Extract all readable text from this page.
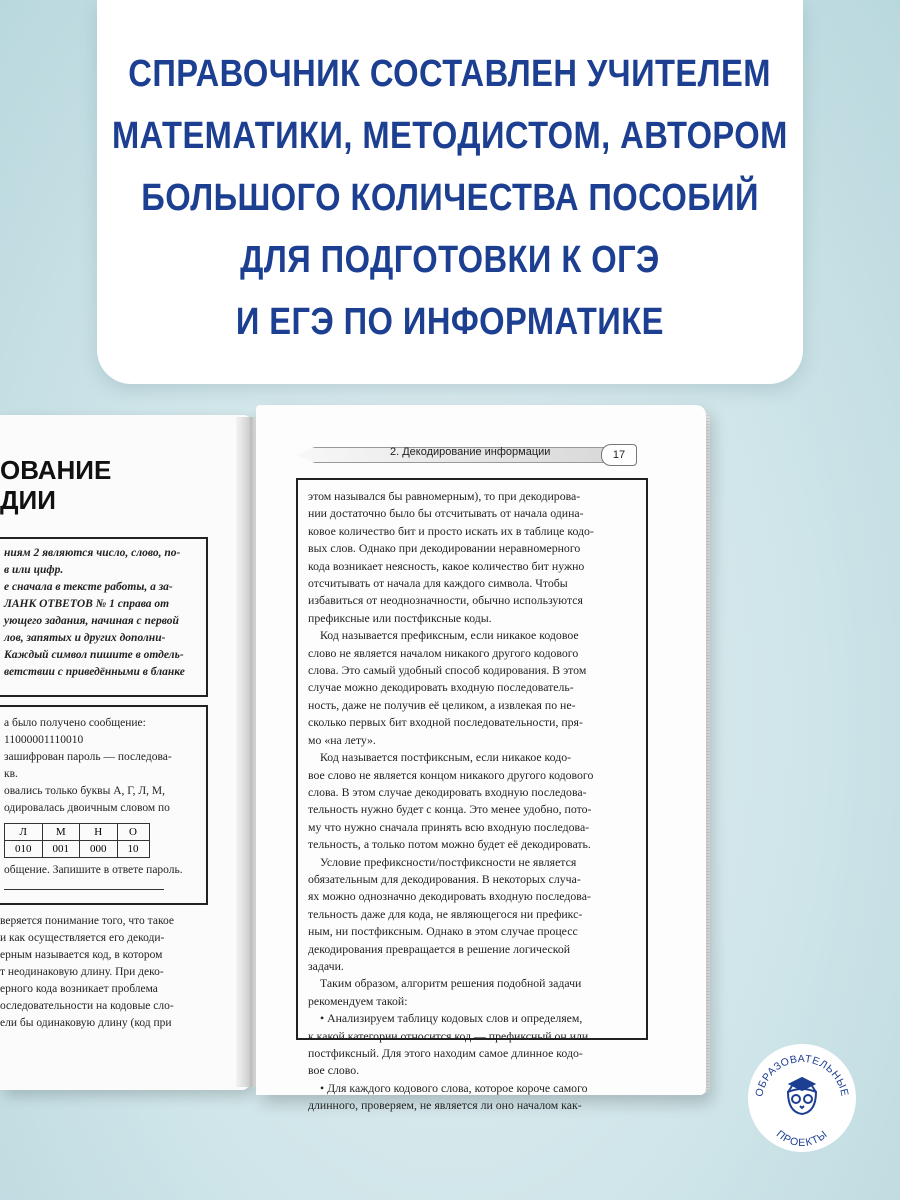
СПРАВОЧНИК СОСТАВЛЕН УЧИТЕЛЕМ
МАТЕМАТИКИ, МЕТОДИСТОМ, АВТОРОМ
БОЛЬШОГО КОЛИЧЕСТВА ПОСОБИЙ
ДЛЯ ПОДГОТОВКИ К ОГЭ
И ЕГЭ ПО ИНФОРМАТИКЕ
ОВАНИЕ
ДИИ
ниям 2 являются число, слово, по-
в или цифр.
е сначала в тексте работы, а за-
ЛАНК ОТВЕТОВ № 1 справа от
ующего задания, начиная с первой
лов, запятых и других дополни-
Каждый символ пишите в отдель-
ветствии с приведёнными в бланке
а было получено сообщение:
11000001110010
зашифрован пароль — последова-
кв.
овались только буквы А, Г, Л, М,
одировалась двоичным словом по
Л	М	Н	О
010	001	000	10
общение. Запишите в ответе пароль.
веряется понимание того, что такое
и как осуществляется его декоди-
ерным называется код, в котором
т неодинаковую длину. При деко-
ерного кода возникает проблема
оследовательности на кодовые сло-
ели бы одинаковую длину (код при
2. Декодирование информации	17
этом назывался бы равномерным), то при декодирова-
нии достаточно было бы отсчитывать от начала одина-
ковое количество бит и просто искать их в таблице кодо-
вых слов. Однако при декодировании неравномерного
кода возникает неясность, какое количество бит нужно
отсчитывать от начала для каждого символа. Чтобы
избавиться от неоднозначности, обычно используются
префиксные или постфиксные коды.
Код называется префиксным, если никакое кодовое
слово не является началом никакого другого кодового
слова. Это самый удобный способ кодирования. В этом
случае можно декодировать входную последователь-
ность, даже не получив её целиком, а извлекая по не-
сколько первых бит входной последовательности, пря-
мо «на лету».
Код называется постфиксным, если никакое кодо-
вое слово не является концом никакого другого кодового
слова. В этом случае декодировать входную последова-
тельность нужно будет с конца. Это менее удобно, пото-
му что нужно сначала принять всю входную последова-
тельность, а только потом можно будет её декодировать.
Условие префиксности/постфиксности не является
обязательным для декодирования. В некоторых случа-
ях можно однозначно декодировать входную последова-
тельность даже для кода, не являющегося ни префикс-
ным, ни постфиксным. Однако в этом случае процесс
декодирования превращается в решение логической
задачи.
Таким образом, алгоритм решения подобной задачи
рекомендуем такой:
• Анализируем таблицу кодовых слов и определяем,
к какой категории относится код — префиксный он или
постфиксный. Для этого находим самое длинное кодо-
вое слово.
• Для каждого кодового слова, которое короче самого
длинного, проверяем, не является ли оно началом как-
ОБРАЗОВАТЕЛЬНЫЕ
ПРОЕКТЫ
